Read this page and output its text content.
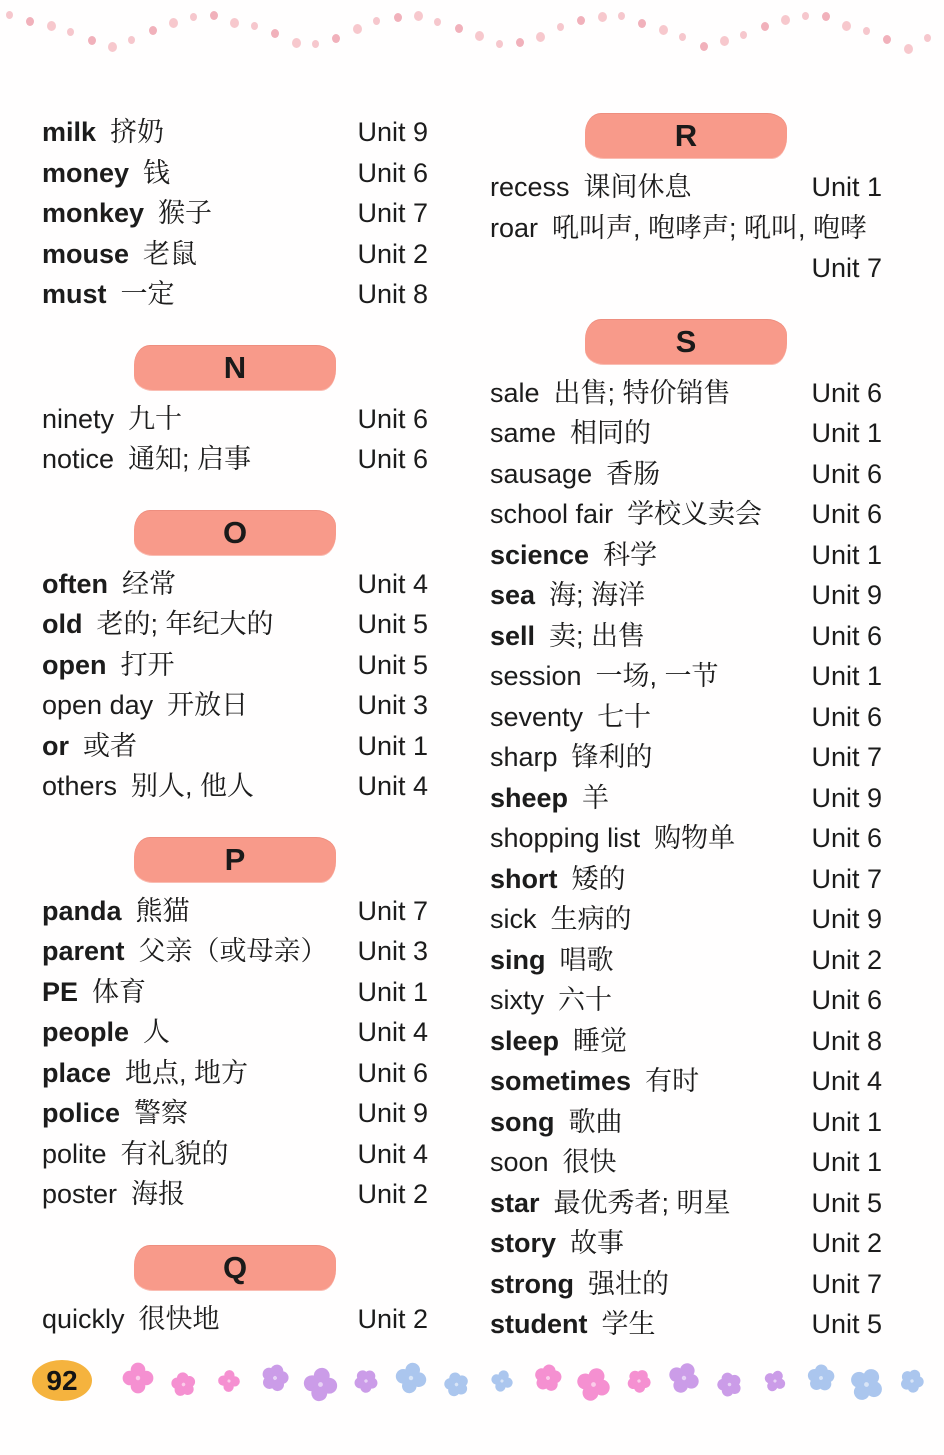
milk 挤奶	Unit 9
money 钱	Unit 6
monkey 猴子	Unit 7
mouse 老鼠	Unit 2
must 一定	Unit 8
N
ninety 九十	Unit 6
notice 通知; 启事	Unit 6
O
often 经常	Unit 4
old 老的; 年纪大的	Unit 5
open 打开	Unit 5
open day 开放日	Unit 3
or 或者	Unit 1
others 别人, 他人	Unit 4
P
panda 熊猫	Unit 7
parent 父亲（或母亲）	Unit 3
PE 体育	Unit 1
people 人	Unit 4
place 地点, 地方	Unit 6
police 警察	Unit 9
polite 有礼貌的	Unit 4
poster 海报	Unit 2
Q
quickly 很快地	Unit 2
R
recess 课间休息	Unit 1
roar 吼叫声, 咆哮声; 吼叫, 咆哮
Unit 7
S
sale 出售; 特价销售	Unit 6
same 相同的	Unit 1
sausage 香肠	Unit 6
school fair 学校义卖会	Unit 6
science 科学	Unit 1
sea 海; 海洋	Unit 9
sell 卖; 出售	Unit 6
session 一场, 一节	Unit 1
seventy 七十	Unit 6
sharp 锋利的	Unit 7
sheep 羊	Unit 9
shopping list 购物单	Unit 6
short 矮的	Unit 7
sick 生病的	Unit 9
sing 唱歌	Unit 2
sixty 六十	Unit 6
sleep 睡觉	Unit 8
sometimes 有时	Unit 4
song 歌曲	Unit 1
soon 很快	Unit 1
star 最优秀者; 明星	Unit 5
story 故事	Unit 2
strong 强壮的	Unit 7
student 学生	Unit 5
92
